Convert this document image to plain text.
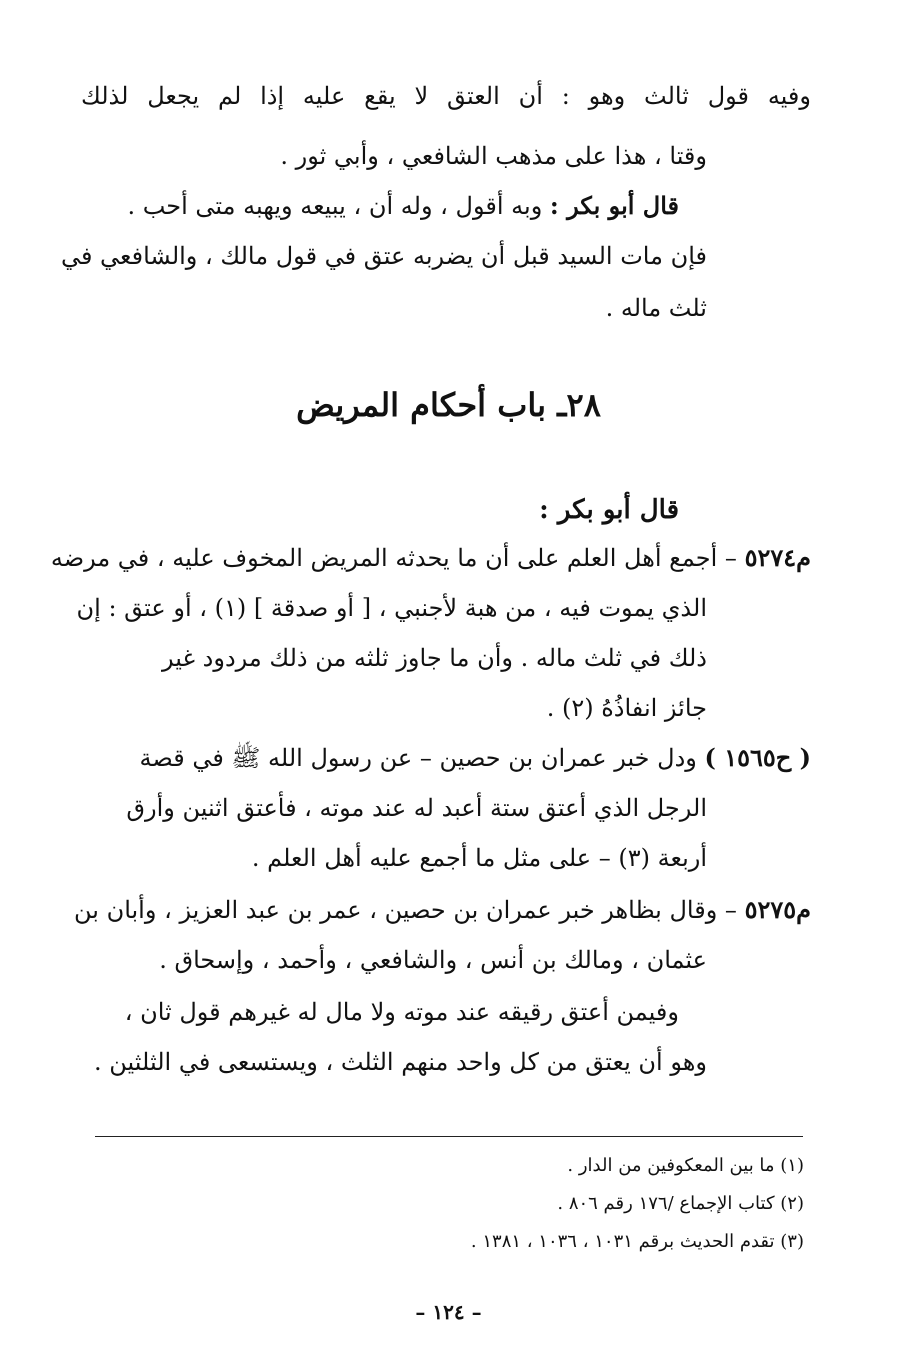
وفيه قول ثالث وهو : أن العتق لا يقع عليه إذا لم يجعل لذلك
وقتا ، هذا على مذهب الشافعي ، وأبي ثور .
قال أبو بكر : وبه أقول ، وله أن ، يبيعه ويهبه متى أحب .
فإن مات السيد قبل أن يضربه عتق في قول مالك ، والشافعي في
ثلث ماله .
٢٨ـ باب أحكام المريض
قال أبو بكر :
م٥٢٧٤ – أجمع أهل العلم على أن ما يحدثه المريض المخوف عليه ، في مرضه
الذي يموت فيه ، من هبة لأجنبي ، [ أو صدقة ] (١) ، أو عتق : إن
ذلك في ثلث ماله . وأن ما جاوز ثلثه من ذلك مردود غير
جائز انفاذُهُ (٢) .
( ح١٥٦٥ ) ودل خبر عمران بن حصين – عن رسول الله ﷺ في قصة
الرجل الذي أعتق ستة أعبد له عند موته ، فأعتق اثنين وأرق
أربعة (٣) – على مثل ما أجمع عليه أهل العلم .
م٥٢٧٥ – وقال بظاهر خبر عمران بن حصين ، عمر بن عبد العزيز ، وأبان بن
عثمان ، ومالك بن أنس ، والشافعي ، وأحمد ، وإسحاق .
وفيمن أعتق رقيقه عند موته ولا مال له غيرهم قول ثان ،
وهو أن يعتق من كل واحد منهم الثلث ، ويستسعى في الثلثين .
(١) ما بين المعكوفين من الدار .
(٢) كتاب الإجماع /١٧٦ رقم ٨٠٦ .
(٣) تقدم الحديث برقم ١٠٣١ ، ١٠٣٦ ، ١٣٨١ .
– ١٢٤ –
